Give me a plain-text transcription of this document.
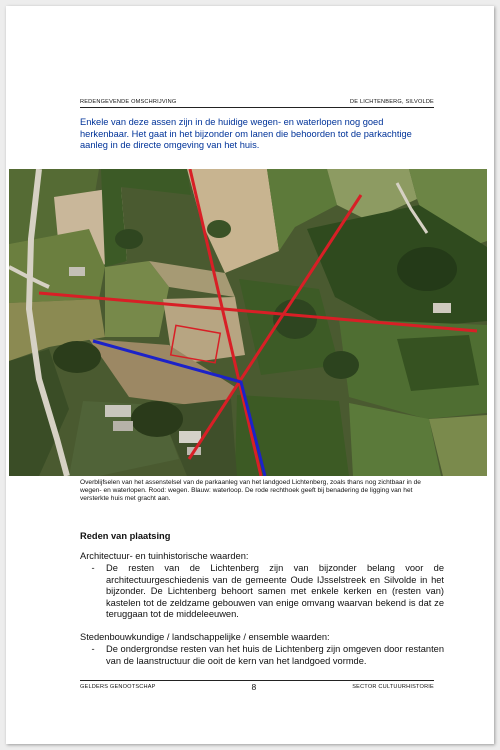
REDENGEVENDE OMSCHRIJVING	DE LICHTENBERG, SILVOLDE

Enkele van deze assen zijn in de huidige wegen- en waterlopen nog goed herkenbaar. Het gaat in het bijzonder om lanen die behoorden tot de parkachtige aanleg in de directe omgeving van het huis.

Overblijfselen van het assenstelsel van de parkaanleg van het landgoed Lichtenberg, zoals thans nog zichtbaar in de wegen- en waterlopen. Rood: wegen. Blauw: waterloop. De rode rechthoek geeft bij benadering de ligging van het versterkte huis met gracht aan.

Reden van plaatsing

Architectuur- en tuinhistorische waarden:

-	De resten van de Lichtenberg zijn van bijzonder belang voor de architectuurgeschiedenis van de gemeente Oude IJsselstreek en Silvolde in het bijzonder. De Lichtenberg behoort samen met enkele kerken en (resten van) kastelen tot de zeldzame gebouwen van enige omvang waarvan bekend is dat ze teruggaan tot de middeleeuwen.

Stedenbouwkundige / landschappelijke / ensemble waarden:

-	De ondergrondse resten van het huis de Lichtenberg zijn omgeven door restanten van de laanstructuur die ooit de kern van het landgoed vormde.
GELDERS GENOOTSCHAP	8	SECTOR CULTUURHISTORIE
